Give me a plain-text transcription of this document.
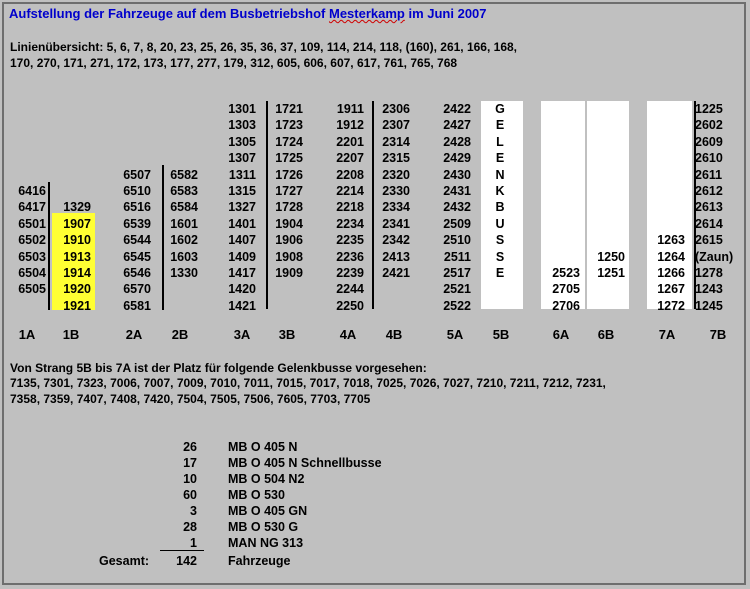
Aufstellung der Fahrzeuge auf dem Busbetriebshof Mesterkamp im Juni 2007
Linienübersicht: 5, 6, 7, 8, 20, 23, 25, 26, 35, 36, 37, 109, 114, 214, 118, (160), 261, 166, 168,
170, 270, 171, 271, 172, 173, 177, 277, 179, 312, 605, 606, 607, 617, 761, 765, 768
6416
6417
6501
6502
6503
6504
6505
1A
1329
1907
1910
1913
1914
1920
1921
1B
6507
6510
6516
6539
6544
6545
6546
6570
6581
2A
6582
6583
6584
1601
1602
1603
1330
2B
1301
1303
1305
1307
1311
1315
1327
1401
1407
1409
1417
1420
1421
3A
1721
1723
1724
1725
1726
1727
1728
1904
1906
1908
1909
3B
1911
1912
2201
2207
2208
2214
2218
2234
2235
2236
2239
2244
2250
4A
2306
2307
2314
2315
2320
2330
2334
2341
2342
2413
2421
4B
2422
2427
2428
2429
2430
2431
2432
2509
2510
2511
2517
2521
2522
5A
G
E
L
E
N
K
B
U
S
S
E
5B
2523
2705
2706
6A
1250
1251
6B
1263
1264
1266
1267
1272
7A
1225
2602
2609
2610
2611
2612
2613
2614
2615
(Zaun)
1278
1243
1245
7B
Von Strang 5B bis 7A ist der Platz für folgende Gelenkbusse vorgesehen:
7135, 7301, 7323, 7006, 7007, 7009, 7010, 7011, 7015, 7017, 7018, 7025, 7026, 7027, 7210, 7211, 7212, 7231,
7358, 7359, 7407, 7408, 7420, 7504, 7505, 7506, 7605, 7703, 7705
26 MB O 405 N
17 MB O 405 N Schnellbusse
10 MB O 504 N2
60 MB O 530
3 MB O 405 GN
28 MB O 530 G
1 MAN NG 313
Gesamt:	142 Fahrzeuge
